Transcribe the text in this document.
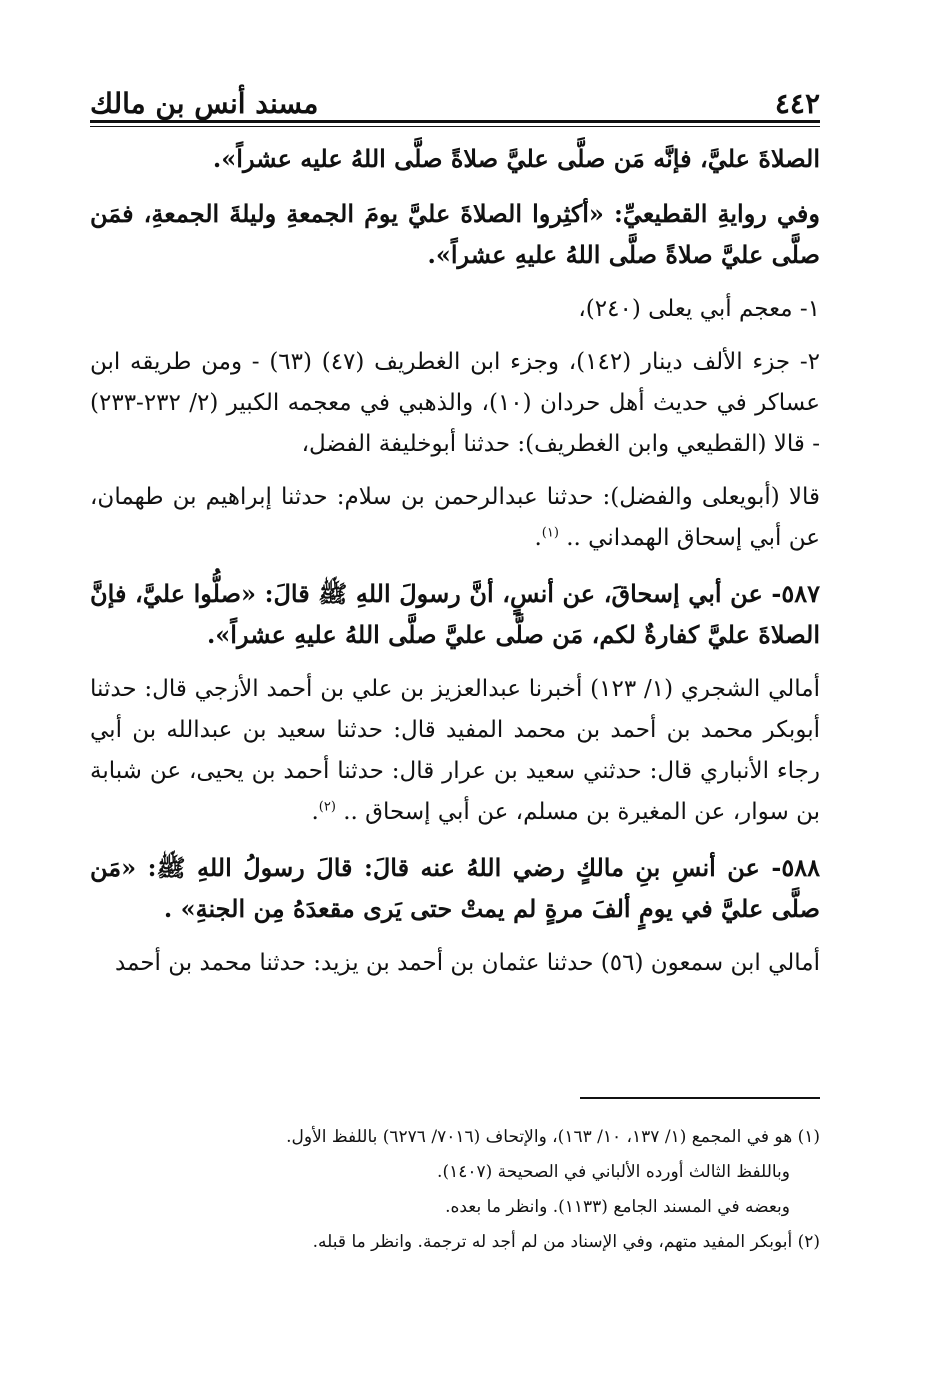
٤٤٢
مسند أنس بن مالك

الصلاةَ عليَّ، فإنَّه مَن صلَّى عليَّ صلاةً صلَّى اللهُ عليه عشراً».

وفي روايةِ القطيعيِّ: «أكثِروا الصلاةَ عليَّ يومَ الجمعةِ وليلةَ الجمعةِ، فمَن صلَّى عليَّ صلاةً صلَّى اللهُ عليهِ عشراً».

١- معجم أبي يعلى (٢٤٠)،

٢- جزء الألف دينار (١٤٢)، وجزء ابن الغطريف (٤٧) (٦٣) - ومن طريقه ابن عساكر في حديث أهل حردان (١٠)، والذهبي في معجمه الكبير (٢/ ٢٣٢-٢٣٣) - قالا (القطيعي وابن الغطريف): حدثنا أبوخليفة الفضل،

قالا (أبويعلى والفضل): حدثنا عبدالرحمن بن سلام: حدثنا إبراهيم بن طهمان، عن أبي إسحاق الهمداني .. $^{(١)}$.

٥٨٧- عن أبي إسحاقَ، عن أنسٍ، أنَّ رسولَ اللهِ ﷺ قالَ: «صلُّوا عليَّ، فإنَّ الصلاةَ عليَّ كفارةٌ لكم، مَن صلَّى عليَّ صلَّى اللهُ عليهِ عشراً».

أمالي الشجري (١/ ١٢٣) أخبرنا عبدالعزيز بن علي بن أحمد الأزجي قال: حدثنا أبوبكر محمد بن أحمد بن محمد المفيد قال: حدثنا سعيد بن عبدالله بن أبي رجاء الأنباري قال: حدثني سعيد بن عرار قال: حدثنا أحمد بن يحيى، عن شبابة بن سوار، عن المغيرة بن مسلم، عن أبي إسحاق .. $^{(٢)}$.

٥٨٨- عن أنسِ بنِ مالكٍ رضي اللهُ عنه قالَ: قالَ رسولُ اللهِ ﷺ: «مَن صلَّى عليَّ في يومٍ ألفَ مرةٍ لم يمتْ حتى يَرى مقعدَهُ مِن الجنةِ» .

أمالي ابن سمعون (٥٦) حدثنا عثمان بن أحمد بن يزيد: حدثنا محمد بن أحمد

(١) هو في المجمع (١/ ١٣٧، ١٠/ ١٦٣)، والإتحاف (٧٠١٦/ ٦٢٧٦) باللفظ الأول.

وباللفظ الثالث أورده الألباني في الصحيحة (١٤٠٧).

وبعضه في المسند الجامع (١١٣٣). وانظر ما بعده.

(٢) أبوبكر المفيد متهم، وفي الإسناد من لم أجد له ترجمة. وانظر ما قبله.
